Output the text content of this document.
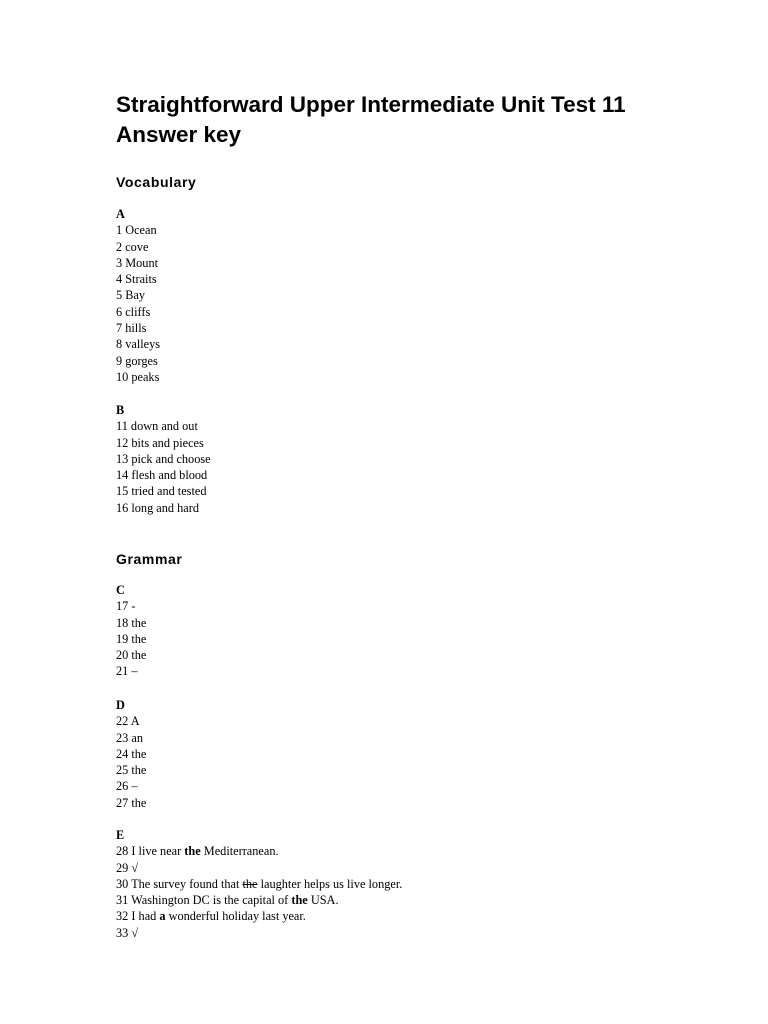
Straightforward Upper Intermediate Unit Test 11
Answer key
Vocabulary
A
1 Ocean
2 cove
3 Mount
4 Straits
5 Bay
6 cliffs
7 hills
8 valleys
9 gorges
10 peaks
B
11 down and out
12 bits and pieces
13 pick and choose
14 flesh and blood
15 tried and tested
16 long and hard
Grammar
C
17 -
18 the
19 the
20 the
21 –
D
22 A
23 an
24 the
25 the
26 –
27 the
E
28 I live near the Mediterranean.
29 √
30 The survey found that the laughter helps us live longer.
31 Washington DC is the capital of the USA.
32 I had a wonderful holiday last year.
33 √
